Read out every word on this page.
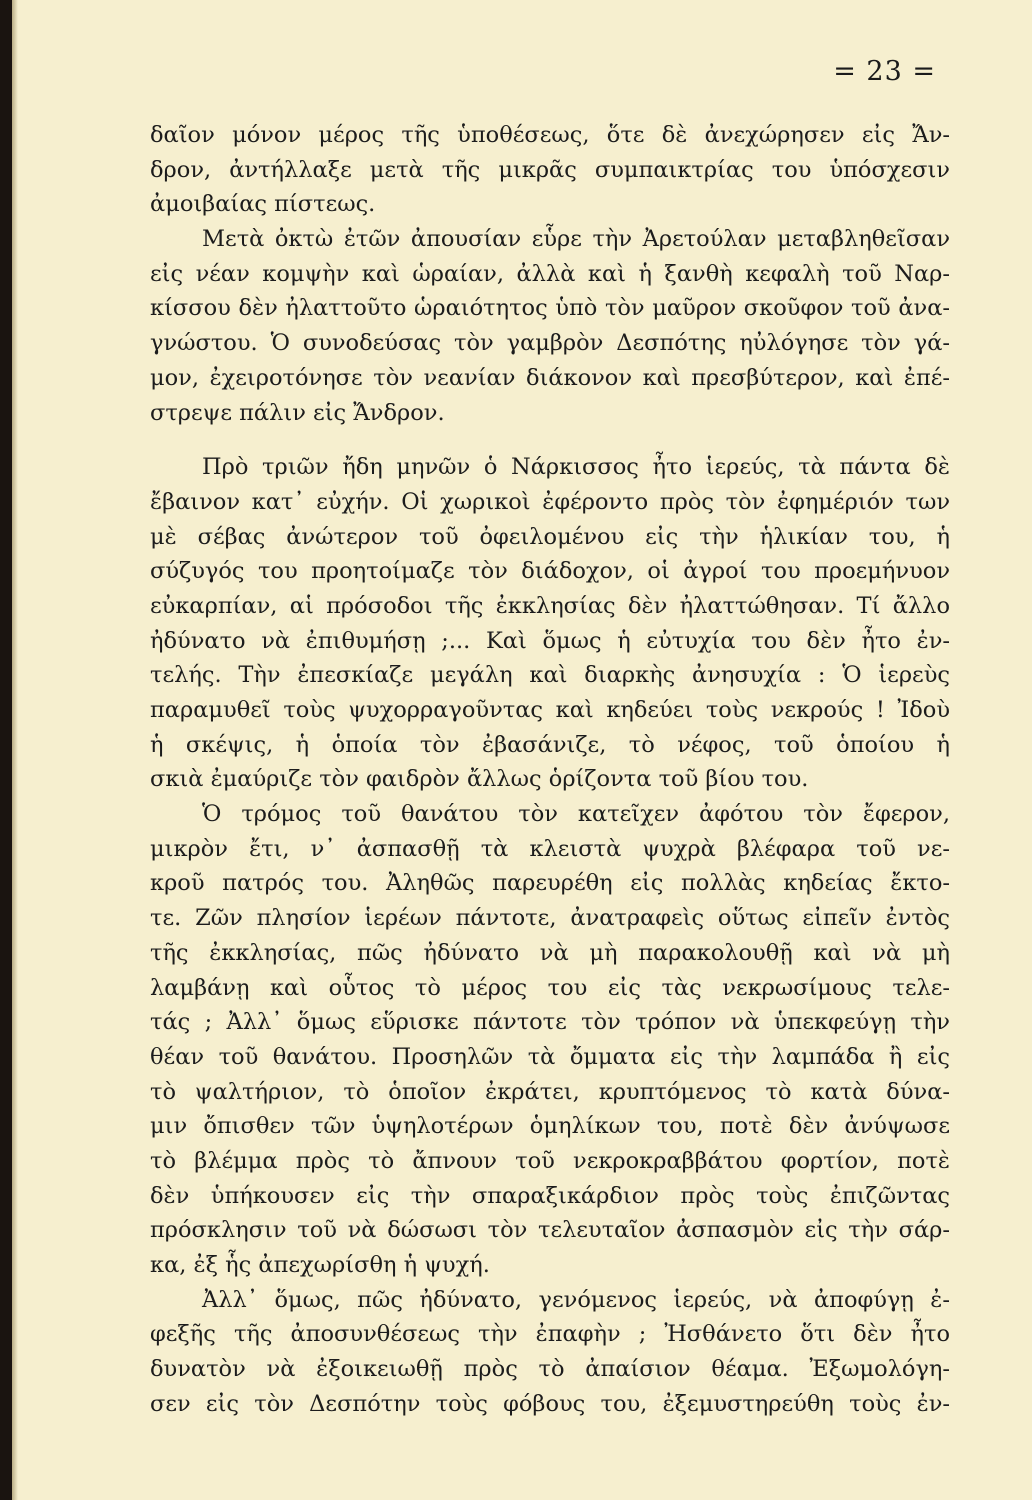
= 23 =
δαῖον μόνον μέρος τῆς ὑποθέσεως, ὅτε δὲ ἀνεχώρησεν εἰς Ἄν-
δρον, ἀντήλλαξε μετὰ τῆς μικρᾶς συμπαικτρίας του ὑπόσχεσιν
ἀμοιβαίας πίστεως.
Μετὰ ὀκτὼ ἐτῶν ἀπουσίαν εὗρε τὴν Ἀρετούλαν μεταβληθεῖσαν
εἰς νέαν κομψὴν καὶ ὡραίαν, ἀλλὰ καὶ ἡ ξανθὴ κεφαλὴ τοῦ Ναρ-
κίσσου δὲν ἠλαττοῦτο ὡραιότητος ὑπὸ τὸν μαῦρον σκοῦφον τοῦ ἀνα-
γνώστου. Ὁ συνοδεύσας τὸν γαμβρὸν Δεσπότης ηὐλόγησε τὸν γά-
μον, ἐχειροτόνησε τὸν νεανίαν διάκονον καὶ πρεσβύτερον, καὶ ἐπέ-
στρεψε πάλιν εἰς Ἄνδρον.
Πρὸ τριῶν ἤδη μηνῶν ὁ Νάρκισσος ἦτο ἱερεύς, τὰ πάντα δὲ
ἔβαινον κατ᾽ εὐχήν. Οἱ χωρικοὶ ἐφέροντο πρὸς τὸν ἐφημέριόν των
μὲ σέβας ἀνώτερον τοῦ ὀφειλομένου εἰς τὴν ἡλικίαν του, ἡ
σύζυγός του προητοίμαζε τὸν διάδοχον, οἱ ἀγροί του προεμήνυον
εὐκαρπίαν, αἱ πρόσοδοι τῆς ἐκκλησίας δὲν ἠλαττώθησαν. Τί ἄλλο
ἠδύνατο νὰ ἐπιθυμήσῃ ;... Καὶ ὅμως ἡ εὐτυχία του δὲν ἦτο ἐν-
τελής. Τὴν ἐπεσκίαζε μεγάλη καὶ διαρκὴς ἀνησυχία : Ὁ ἱερεὺς
παραμυθεῖ τοὺς ψυχορραγοῦντας καὶ κηδεύει τοὺς νεκρούς ! Ἰδοὺ
ἡ σκέψις, ἡ ὁποία τὸν ἐβασάνιζε, τὸ νέφος, τοῦ ὁποίου ἡ
σκιὰ ἐμαύριζε τὸν φαιδρὸν ἄλλως ὁρίζοντα τοῦ βίου του.
Ὁ τρόμος τοῦ θανάτου τὸν κατεῖχεν ἀφότου τὸν ἔφερον,
μικρὸν ἔτι, ν᾽ ἀσπασθῇ τὰ κλειστὰ ψυχρὰ βλέφαρα τοῦ νε-
κροῦ πατρός του. Ἀληθῶς παρευρέθη εἰς πολλὰς κηδείας ἔκτο-
τε. Ζῶν πλησίον ἱερέων πάντοτε, ἀνατραφεὶς οὕτως εἰπεῖν ἐντὸς
τῆς ἐκκλησίας, πῶς ἠδύνατο νὰ μὴ παρακολουθῇ καὶ νὰ μὴ
λαμβάνῃ καὶ οὗτος τὸ μέρος του εἰς τὰς νεκρωσίμους τελε-
τάς ; Ἀλλ᾽ ὅμως εὕρισκε πάντοτε τὸν τρόπον νὰ ὑπεκφεύγῃ τὴν
θέαν τοῦ θανάτου. Προσηλῶν τὰ ὄμματα εἰς τὴν λαμπάδα ἢ εἰς
τὸ ψαλτήριον, τὸ ὁποῖον ἐκράτει, κρυπτόμενος τὸ κατὰ δύνα-
μιν ὄπισθεν τῶν ὑψηλοτέρων ὁμηλίκων του, ποτὲ δὲν ἀνύψωσε
τὸ βλέμμα πρὸς τὸ ἄπνουν τοῦ νεκροκραββάτου φορτίον, ποτὲ
δὲν ὑπήκουσεν εἰς τὴν σπαραξικάρδιον πρὸς τοὺς ἐπιζῶντας
πρόσκλησιν τοῦ νὰ δώσωσι τὸν τελευταῖον ἀσπασμὸν εἰς τὴν σάρ-
κα, ἐξ ἧς ἀπεχωρίσθη ἡ ψυχή.
Ἀλλ᾽ ὅμως, πῶς ἠδύνατο, γενόμενος ἱερεύς, νὰ ἀποφύγῃ ἐ-
φεξῆς τῆς ἀποσυνθέσεως τὴν ἐπαφὴν ; Ἠσθάνετο ὅτι δὲν ἦτο
δυνατὸν νὰ ἐξοικειωθῇ πρὸς τὸ ἀπαίσιον θέαμα. Ἐξωμολόγη-
σεν εἰς τὸν Δεσπότην τοὺς φόβους του, ἐξεμυστηρεύθη τοὺς ἐν-
